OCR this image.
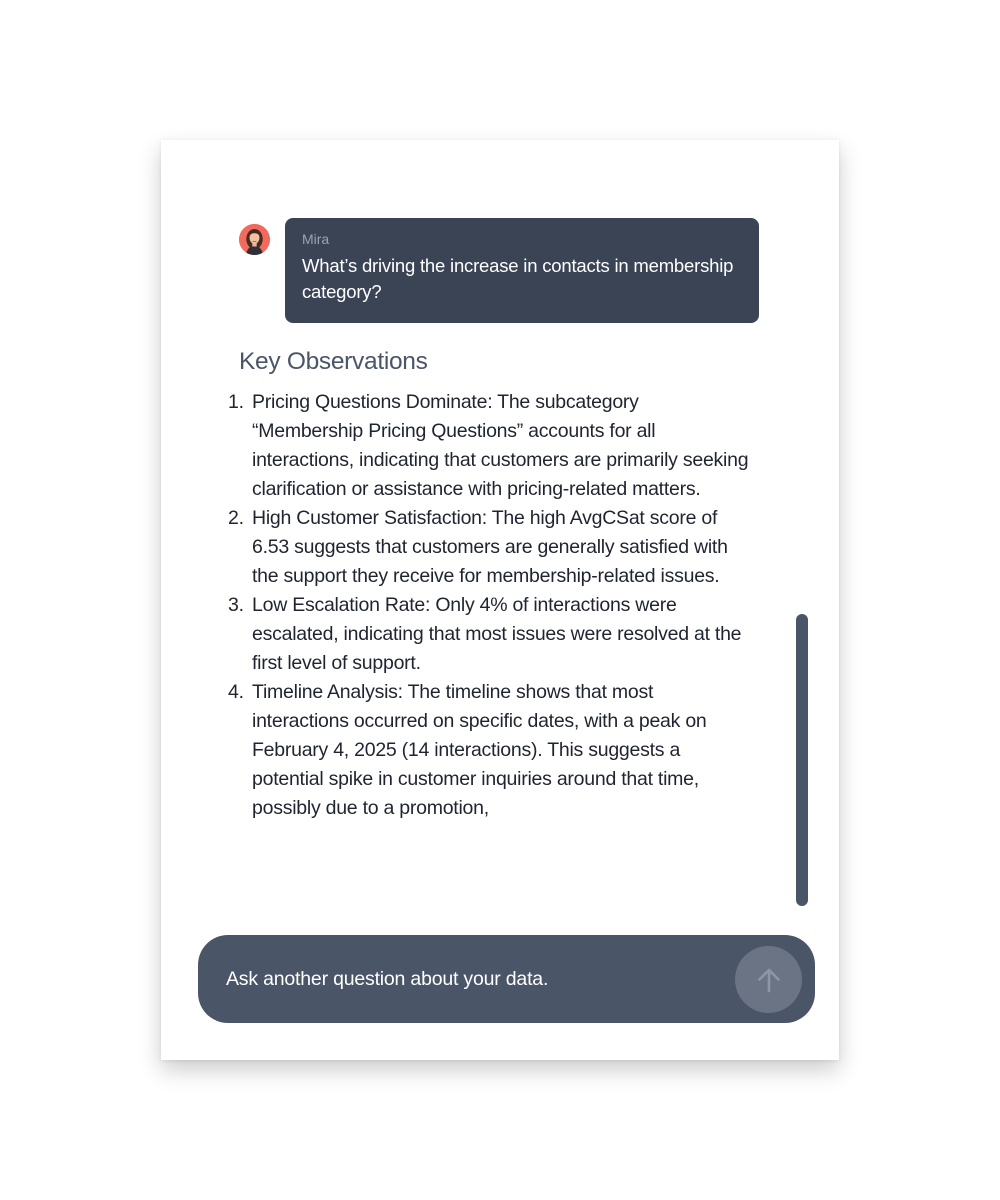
Mira
What’s driving the increase in contacts in membership category?
Key Observations
1. Pricing Questions Dominate: The subcategory “Membership Pricing Questions” accounts for all interactions, indicating that customers are primarily seeking clarification or assistance with pricing-related matters.
2. High Customer Satisfaction: The high AvgCSat score of 6.53 suggests that customers are generally satisfied with the support they receive for membership-related issues.
3. Low Escalation Rate: Only 4% of interactions were escalated, indicating that most issues were resolved at the first level of support.
4. Timeline Analysis: The timeline shows that most interactions occurred on specific dates, with a peak on February 4, 2025 (14 interactions). This suggests a potential spike in customer inquiries around that time, possibly due to a promotion,
Ask another question about your data.
